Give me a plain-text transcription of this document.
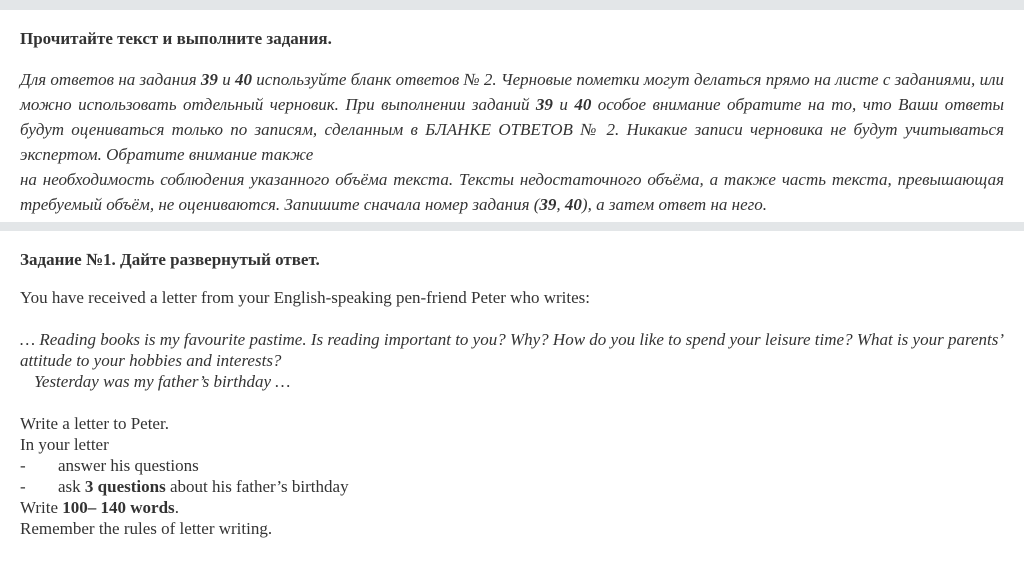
Прочитайте текст и выполните задания.

Для ответов на задания 39 и 40 используйте бланк ответов № 2. Черновые пометки могут делаться прямо на листе с заданиями, или можно использовать отдельный черновик. При выполнении заданий 39 и 40 особое внимание обратите на то, что Ваши ответы будут оцениваться только по записям, сделанным в БЛАНКЕ ОТВЕТОВ № 2. Никакие записи черновика не будут учитываться экспертом. Обратите внимание также
на необходимость соблюдения указанного объёма текста. Тексты недостаточного объёма, а также часть текста, превышающая требуемый объём, не оцениваются. Запишите сначала номер задания (39, 40), а затем ответ на него.

Задание №1. Дайте развернутый ответ.

You have received a letter from your English-speaking pen-friend Peter who writes:

… Reading books is my favourite pastime. Is reading important to you? Why? How do you like to spend your leisure time? What is your parents’ attitude to your hobbies and interests?

Yesterday was my father’s birthday …

Write a letter to Peter.

In your letter

-	answer his questions
-	ask 3 questions about his father’s birthday

Write 100– 140 words.

Remember the rules of letter writing.
